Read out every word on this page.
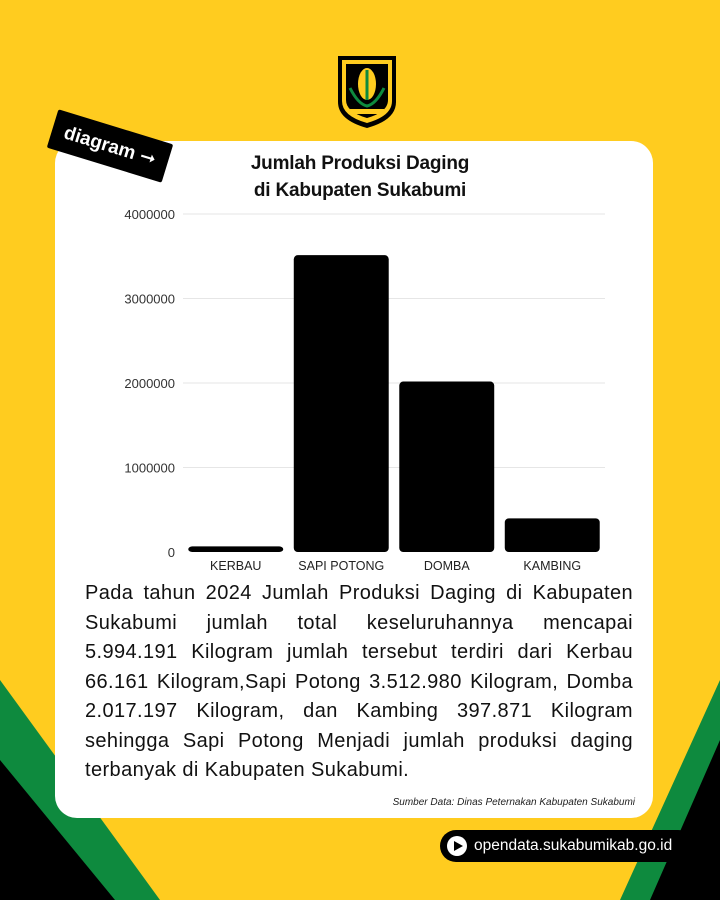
diagram ➞	Jumlah Produksi Daging
di Kabupaten Sukabumi
0
1000000
2000000
3000000
4000000
KERBAU	SAPI POTONG	DOMBA	KAMBING
Pada tahun 2024 Jumlah Produksi Daging di Kabupaten Sukabumi jumlah total keseluruhannya mencapai 5.994.191 Kilogram jumlah tersebut terdiri dari Kerbau 66.161 Kilogram,Sapi Potong 3.512.980 Kilogram, Domba 2.017.197 Kilogram, dan Kambing 397.871 Kilogram sehingga Sapi Potong Menjadi jumlah produksi daging terbanyak di Kabupaten Sukabumi.
Sumber Data: Dinas Peternakan Kabupaten Sukabumi
opendata.sukabumikab.go.id
